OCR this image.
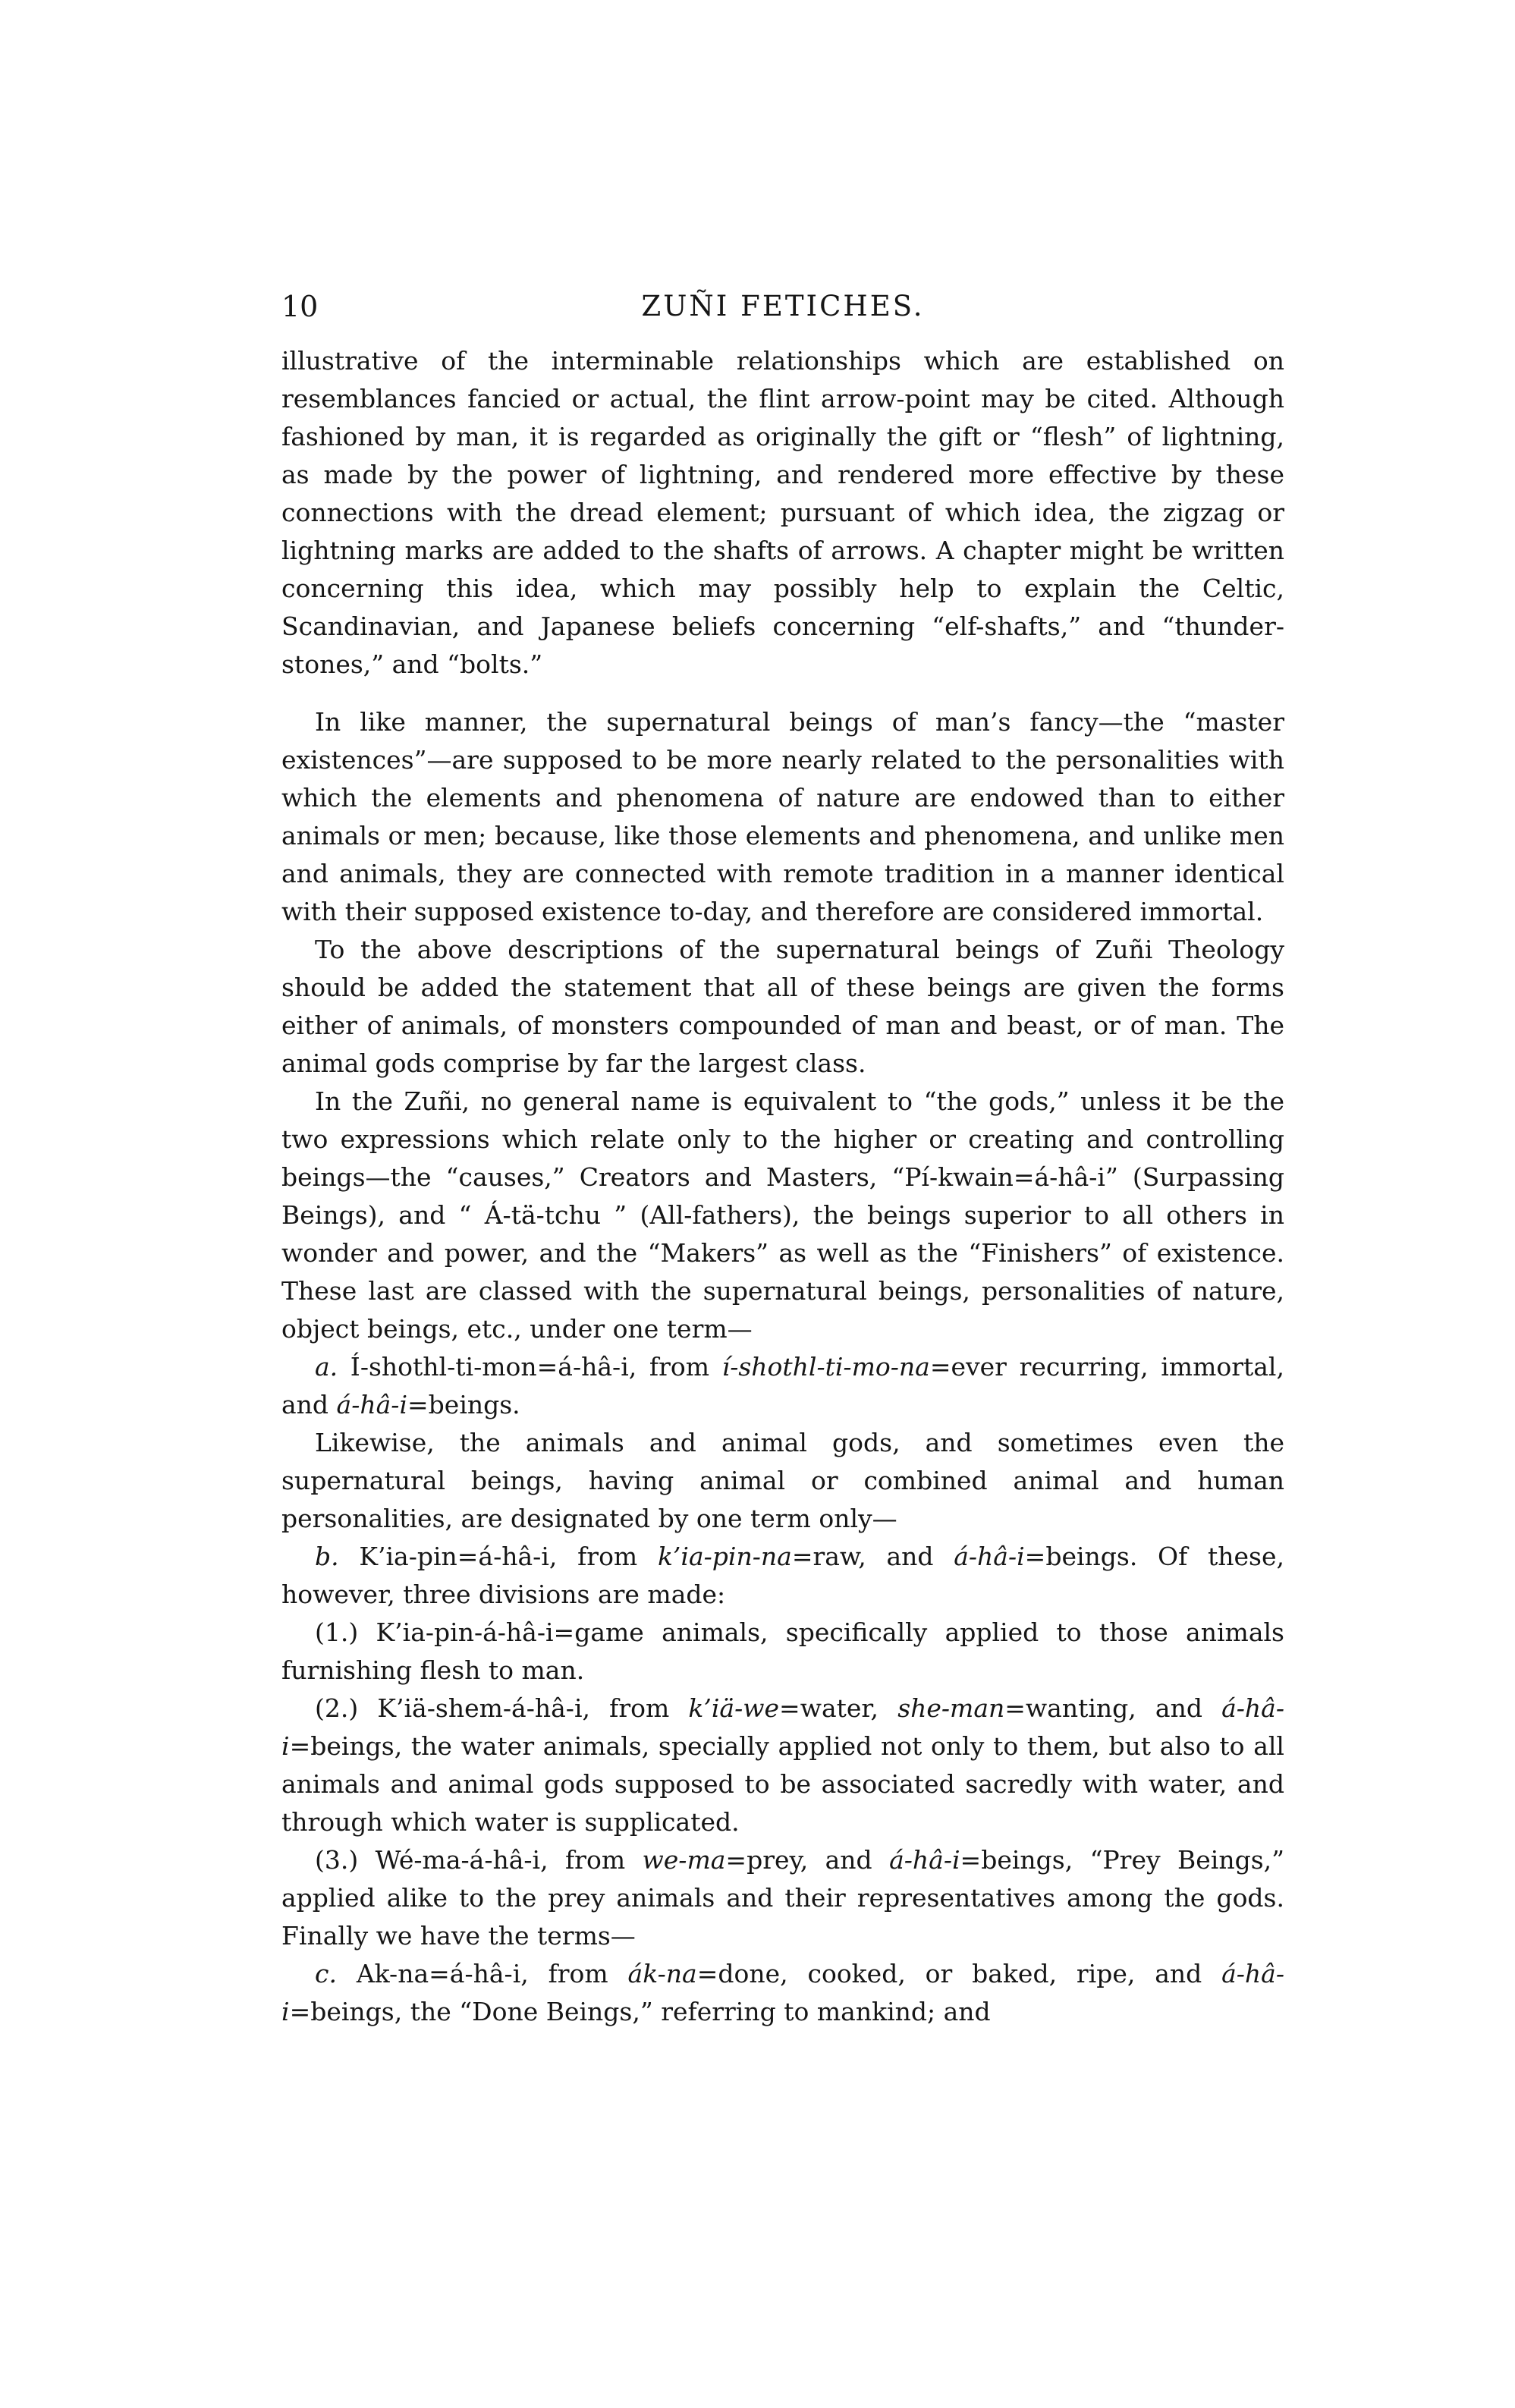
10	ZUÑI FETICHES.

illustrative of the interminable relationships which are established on resemblances fancied or actual, the flint arrow-point may be cited. Although fashioned by man, it is regarded as originally the gift or “flesh” of lightning, as made by the power of lightning, and rendered more effective by these connections with the dread element; pursuant of which idea, the zigzag or lightning marks are added to the shafts of arrows. A chapter might be written concerning this idea, which may possibly help to explain the Celtic, Scandinavian, and Japanese beliefs concerning “elf-shafts,” and “thunder-stones,” and “bolts.”

In like manner, the supernatural beings of man’s fancy—the “master existences”—are supposed to be more nearly related to the personalities with which the elements and phenomena of nature are endowed than to either animals or men; because, like those elements and phenomena, and unlike men and animals, they are connected with remote tradition in a manner identical with their supposed existence to-day, and therefore are considered immortal.

To the above descriptions of the supernatural beings of Zuñi Theology should be added the statement that all of these beings are given the forms either of animals, of monsters compounded of man and beast, or of man. The animal gods comprise by far the largest class.

In the Zuñi, no general name is equivalent to “the gods,” unless it be the two expressions which relate only to the higher or creating and controlling beings—the “causes,” Creators and Masters, “Pí-kwain=á-hâ-i” (Surpassing Beings), and “ Á-tä-tchu ” (All-fathers), the beings superior to all others in wonder and power, and the “Makers” as well as the “Finishers” of existence. These last are classed with the supernatural beings, personalities of nature, object beings, etc., under one term—

a. Í-shothl-ti-mon=á-hâ-i, from í-shothl-ti-mo-na=ever recurring, immortal, and á-hâ-i=beings.

Likewise, the animals and animal gods, and sometimes even the supernatural beings, having animal or combined animal and human personalities, are designated by one term only—

b. K’ia-pin=á-hâ-i, from k’ia-pin-na=raw, and á-hâ-i=beings. Of these, however, three divisions are made:

(1.) K’ia-pin-á-hâ-i=game animals, specifically applied to those animals furnishing flesh to man.

(2.) K’iä-shem-á-hâ-i, from k’iä-we=water, she-man=wanting, and á-hâ-i=beings, the water animals, specially applied not only to them, but also to all animals and animal gods supposed to be associated sacredly with water, and through which water is supplicated.

(3.) Wé-ma-á-hâ-i, from we-ma=prey, and á-hâ-i=beings, “Prey Beings,” applied alike to the prey animals and their representatives among the gods. Finally we have the terms—

c. Ak-na=á-hâ-i, from ák-na=done, cooked, or baked, ripe, and á-hâ-i=beings, the “Done Beings,” referring to mankind; and
